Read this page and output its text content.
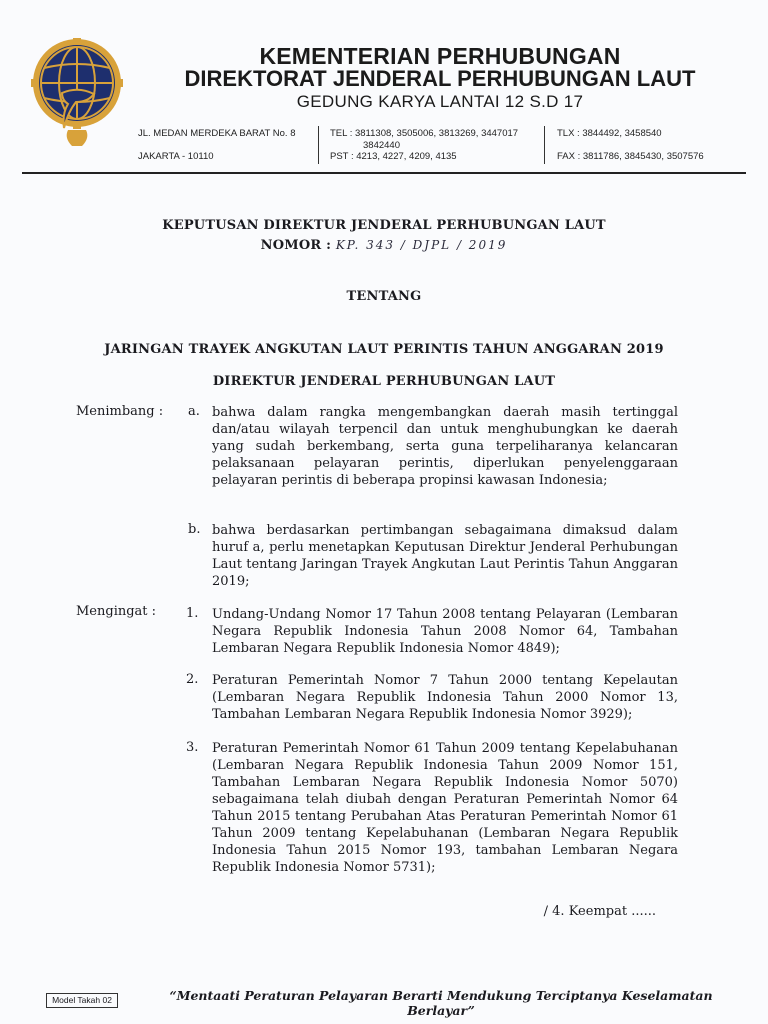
KEMENTERIAN PERHUBUNGAN
DIREKTORAT JENDERAL PERHUBUNGAN LAUT
GEDUNG KARYA LANTAI 12 S.D 17
JL. MEDAN MERDEKA BARAT No. 8
JAKARTA - 10110
TEL : 3811308, 3505006, 3813269, 3447017
3842440
PST : 4213, 4227, 4209, 4135
TLX : 3844492, 3458540
FAX : 3811786, 3845430, 3507576
KEPUTUSAN DIREKTUR JENDERAL PERHUBUNGAN LAUT
NOMOR : KP. 343 / DJPL / 2019
TENTANG
JARINGAN TRAYEK ANGKUTAN LAUT PERINTIS TAHUN ANGGARAN 2019
DIREKTUR JENDERAL PERHUBUNGAN LAUT
Menimbang : a. bahwa dalam rangka mengembangkan daerah masih tertinggal dan/atau wilayah terpencil dan untuk menghubungkan ke daerah yang sudah berkembang, serta guna terpeliharanya kelancaran pelaksanaan pelayaran perintis, diperlukan penyelenggaraan pelayaran perintis di beberapa propinsi kawasan Indonesia;
b. bahwa berdasarkan pertimbangan sebagaimana dimaksud dalam huruf a, perlu menetapkan Keputusan Direktur Jenderal Perhubungan Laut tentang Jaringan Trayek Angkutan Laut Perintis Tahun Anggaran 2019;
Mengingat : 1. Undang-Undang Nomor 17 Tahun 2008 tentang Pelayaran (Lembaran Negara Republik Indonesia Tahun 2008 Nomor 64, Tambahan Lembaran Negara Republik Indonesia Nomor 4849);
2. Peraturan Pemerintah Nomor 7 Tahun 2000 tentang Kepelautan (Lembaran Negara Republik Indonesia Tahun 2000 Nomor 13, Tambahan Lembaran Negara Republik Indonesia Nomor 3929);
3. Peraturan Pemerintah Nomor 61 Tahun 2009 tentang Kepelabuhanan (Lembaran Negara Republik Indonesia Tahun 2009 Nomor 151, Tambahan Lembaran Negara Republik Indonesia Nomor 5070) sebagaimana telah diubah dengan Peraturan Pemerintah Nomor 64 Tahun 2015 tentang Perubahan Atas Peraturan Pemerintah Nomor 61 Tahun 2009 tentang Kepelabuhanan (Lembaran Negara Republik Indonesia Tahun 2015 Nomor 193, tambahan Lembaran Negara Republik Indonesia Nomor 5731);
/ 4. Keempat ......
Model Takah 02	“Mentaati Peraturan Pelayaran Berarti Mendukung Terciptanya Keselamatan Berlayar”
